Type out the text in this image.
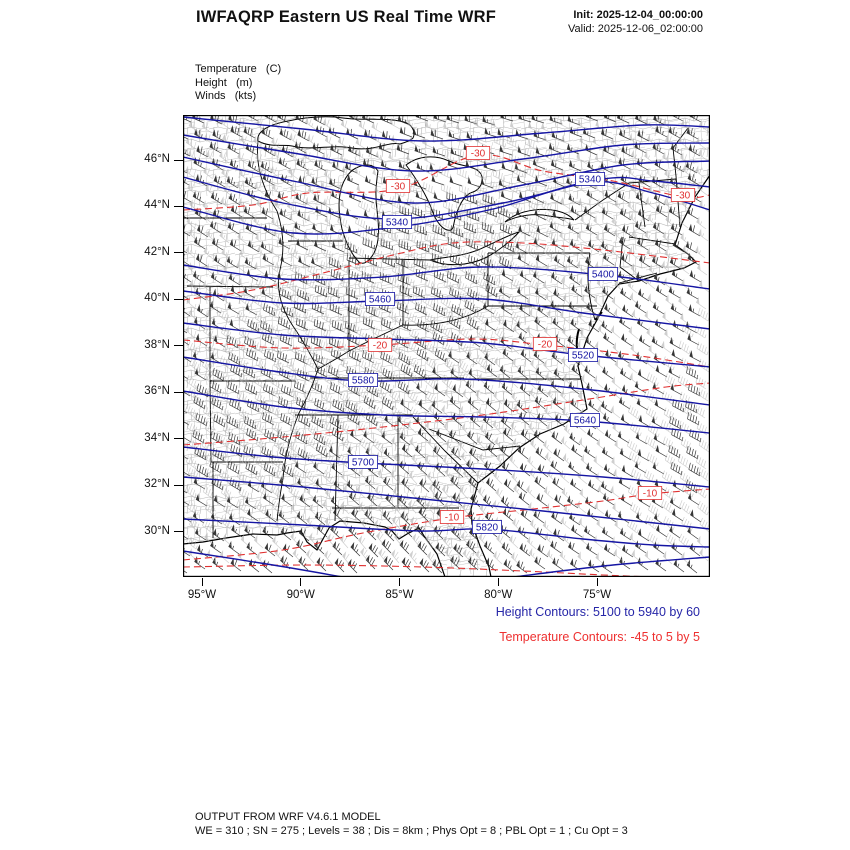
IWFAQRP Eastern US Real Time WRF	Init: 2025-12-04_00:00:00
Valid: 2025-12-06_02:00:00
Temperature   (C)
Height   (m)
Winds   (kts)
46°N
44°N
42°N
40°N
38°N
36°N
34°N
32°N
30°N
95°W	90°W	85°W	80°W	75°W
-30
-30
-30
-20	-20
-10
-10
5340
5340
5400
5460
5520
5580
5640
5700
5820
Height Contours: 5100 to 5940 by 60
Temperature Contours: -45 to 5 by 5
OUTPUT FROM WRF V4.6.1 MODEL
WE = 310 ; SN = 275 ; Levels = 38 ; Dis = 8km ; Phys Opt = 8 ; PBL Opt = 1 ; Cu Opt = 3
